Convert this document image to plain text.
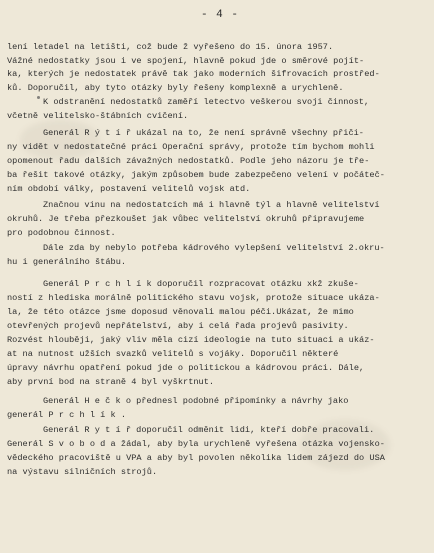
- 4 -
lení letadel na letišti, což bude ž vyřešeno do 15. února 1957.
Vážné nedostatky jsou i ve spojení, hlavně pokud jde o směrové pojít-
ka, kterých je nedostatek právě tak jako moderních šifrovacích prostřed-
ků. Doporučil, aby tyto otázky byly řešeny komplexně a urychleně.
K odstranění nedostatků zaměří letectvo veškerou svoji činnost,
včetně velitelsko-štábních cvičení.
Generál R ý t í ř ukázal na to, že není správně všechny přiči-
ny vidět v nedostatečné práci Operační správy, protože tím bychom mohli
opomenout řadu dalších závažných nedostatků. Podle jeho názoru je tře-
ba řešit takové otázky, jakým způsobem bude zabezpečeno velení v počáteč-
ním období války, postavení velitelů vojsk atd.
Značnou vinu na nedostatcích má i hlavně týl a hlavně velitelství
okruhů. Je třeba přezkoušet jak vůbec velitelství okruhů připravujeme
pro podobnou činnost.
Dále zda by nebylo potřeba kádrového vylepšení velitelství 2.okru-
hu i generálního štábu.
Generál P r c h l í k doporučil rozpracovat otázku xkž zkuše-
ností z hlediska morálně politického stavu vojsk, protože situace ukáza-
la, že této otázce jsme doposud věnovali malou péči.Ukázat, že mimo
otevřených projevů nepřátelství, aby i celá řada projevů pasivity.
Rozvést hlouběji, jaký vliv měla cizí ideologie na tuto situaci a ukáz-
at na nutnost užších svazků velitelů s vojáky. Doporučil některé
úpravy návrhu opatření pokud jde o politickou a kádrovou práci. Dále,
aby první bod na straně 4 byl vyškrtnut.
Generál H e č k o přednesl podobné připomínky a návrhy jako
generál P r c h l í k .
Generál R y t í ř doporučil odměnit lidi, kteří dobře pracovali.
Generál S v o b o d a žádal, aby byla urychleně vyřešena otázka vojensko-
vědeckého pracoviště u VPA a aby byl povolen několika lidem zájezd do USA
na výstavu silničních strojů.
